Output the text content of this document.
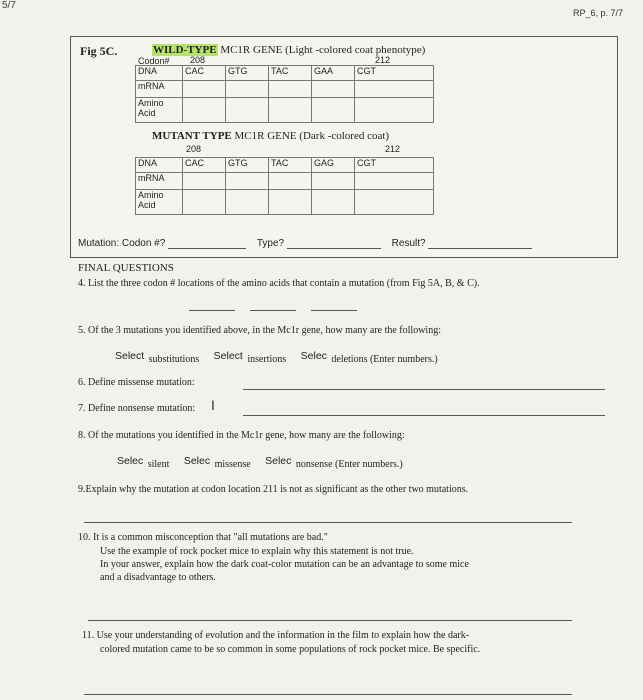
5/7
RP_6, p. 7/7
Fig 5C.	WILD-TYPE MC1R GENE (Light -colored coat phenotype)
Codon# 208	212
DNA	CAC	GTG	TAC	GAA	CGT
mRNA					
Amino Acid					
MUTANT TYPE MC1R GENE (Dark -colored coat)
208	212
DNA	CAC	GTG	TAC	GAG	CGT
mRNA					
Amino Acid					
Mutation: Codon #?	Type?	Result?
FINAL QUESTIONS
4. List the three codon # locations of the amino acids that contain a mutation (from Fig 5A, B, & C).
5. Of the 3 mutations you identified above, in the Mc1r gene, how many are the following:
Select substitutions Select insertions Selec deletions (Enter numbers.)
6. Define missense mutation:
7. Define nonsense mutation: I
8. Of the mutations you identified in the Mc1r gene, how many are the following:
Selec silent Selec missense Selec nonsense (Enter numbers.)
9.Explain why the mutation at codon location 211 is not as significant as the other two mutations.
10. It is a common misconception that "all mutations are bad."
Use the example of rock pocket mice to explain why this statement is not true.
In your answer, explain how the dark coat-color mutation can be an advantage to some mice
and a disadvantage to others.
11. Use your understanding of evolution and the information in the film to explain how the dark-
colored mutation came to be so common in some populations of rock pocket mice. Be specific.
